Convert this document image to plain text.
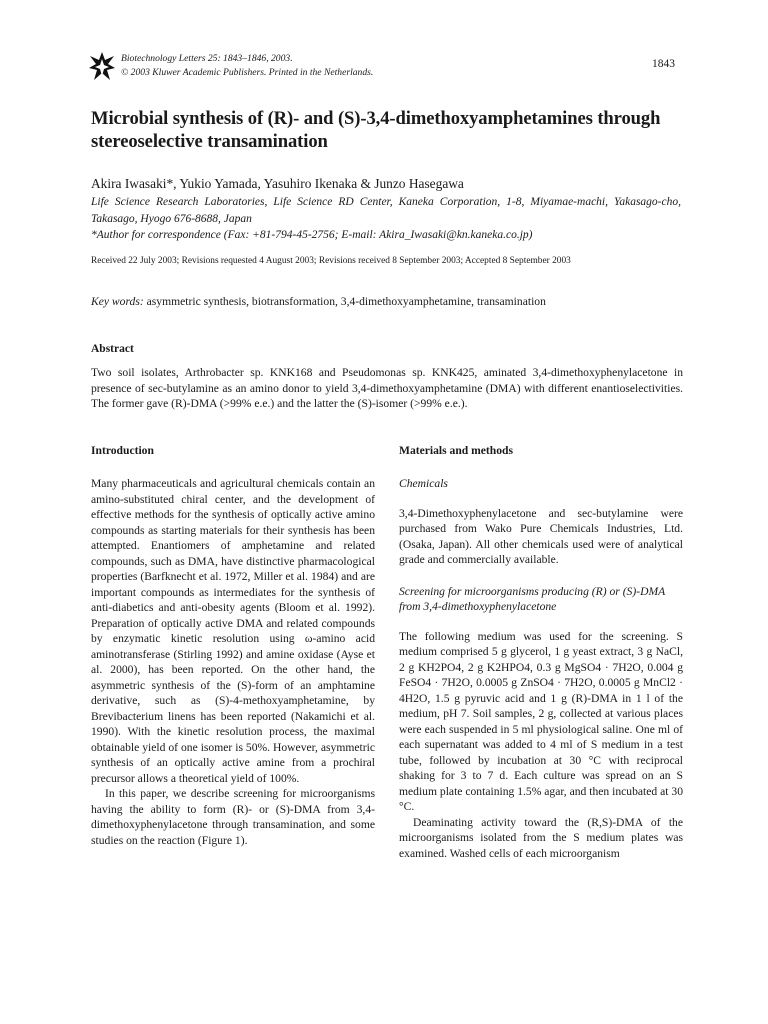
Biotechnology Letters 25: 1843–1846, 2003.
© 2003 Kluwer Academic Publishers. Printed in the Netherlands.
1843
Microbial synthesis of (R)- and (S)-3,4-dimethoxyamphetamines through stereoselective transamination
Akira Iwasaki*, Yukio Yamada, Yasuhiro Ikenaka & Junzo Hasegawa
Life Science Research Laboratories, Life Science RD Center, Kaneka Corporation, 1-8, Miyamae-machi, Yakasago-cho, Takasago, Hyogo 676-8688, Japan
*Author for correspondence (Fax: +81-794-45-2756; E-mail: Akira_Iwasaki@kn.kaneka.co.jp)
Received 22 July 2003; Revisions requested 4 August 2003; Revisions received 8 September 2003; Accepted 8 September 2003
Key words: asymmetric synthesis, biotransformation, 3,4-dimethoxyamphetamine, transamination
Abstract
Two soil isolates, Arthrobacter sp. KNK168 and Pseudomonas sp. KNK425, aminated 3,4-dimethoxyphenylacetone in presence of sec-butylamine as an amino donor to yield 3,4-dimethoxyamphetamine (DMA) with different enantioselectivities. The former gave (R)-DMA (>99% e.e.) and the latter the (S)-isomer (>99% e.e.).
Introduction
Many pharmaceuticals and agricultural chemicals contain an amino-substituted chiral center, and the development of effective methods for the synthesis of optically active amino compounds as starting materials for their synthesis has been attempted. Enantiomers of amphetamine and related compounds, such as DMA, have distinctive pharmacological properties (Barfknecht et al. 1972, Miller et al. 1984) and are important compounds as intermediates for the synthesis of anti-diabetics and anti-obesity agents (Bloom et al. 1992). Preparation of optically active DMA and related compounds by enzymatic kinetic resolution using ω-amino acid aminotransferase (Stirling 1992) and amine oxidase (Ayse et al. 2000), has been reported. On the other hand, the asymmetric synthesis of the (S)-form of an amphtamine derivative, such as (S)-4-methoxyamphetamine, by Brevibacterium linens has been reported (Nakamichi et al. 1990). With the kinetic resolution process, the maximal obtainable yield of one isomer is 50%. However, asymmetric synthesis of an optically active amine from a prochiral precursor allows a theoretical yield of 100%.
In this paper, we describe screening for microorganisms having the ability to form (R)- or (S)-DMA from 3,4-dimethoxyphenylacetone through transamination, and some studies on the reaction (Figure 1).
Materials and methods
Chemicals
3,4-Dimethoxyphenylacetone and sec-butylamine were purchased from Wako Pure Chemicals Industries, Ltd. (Osaka, Japan). All other chemicals used were of analytical grade and commercially available.
Screening for microorganisms producing (R) or (S)-DMA from 3,4-dimethoxyphenylacetone
The following medium was used for the screening. S medium comprised 5 g glycerol, 1 g yeast extract, 3 g NaCl, 2 g KH2PO4, 2 g K2HPO4, 0.3 g MgSO4 · 7H2O, 0.004 g FeSO4 · 7H2O, 0.0005 g ZnSO4 · 7H2O, 0.0005 g MnCl2 · 4H2O, 1.5 g pyruvic acid and 1 g (R)-DMA in 1 l of the medium, pH 7. Soil samples, 2 g, collected at various places were each suspended in 5 ml physiological saline. One ml of each supernatant was added to 4 ml of S medium in a test tube, followed by incubation at 30 °C with reciprocal shaking for 3 to 7 d. Each culture was spread on an S medium plate containing 1.5% agar, and then incubated at 30 °C.
Deaminating activity toward the (R,S)-DMA of the microorganisms isolated from the S medium plates was examined. Washed cells of each microorganism
